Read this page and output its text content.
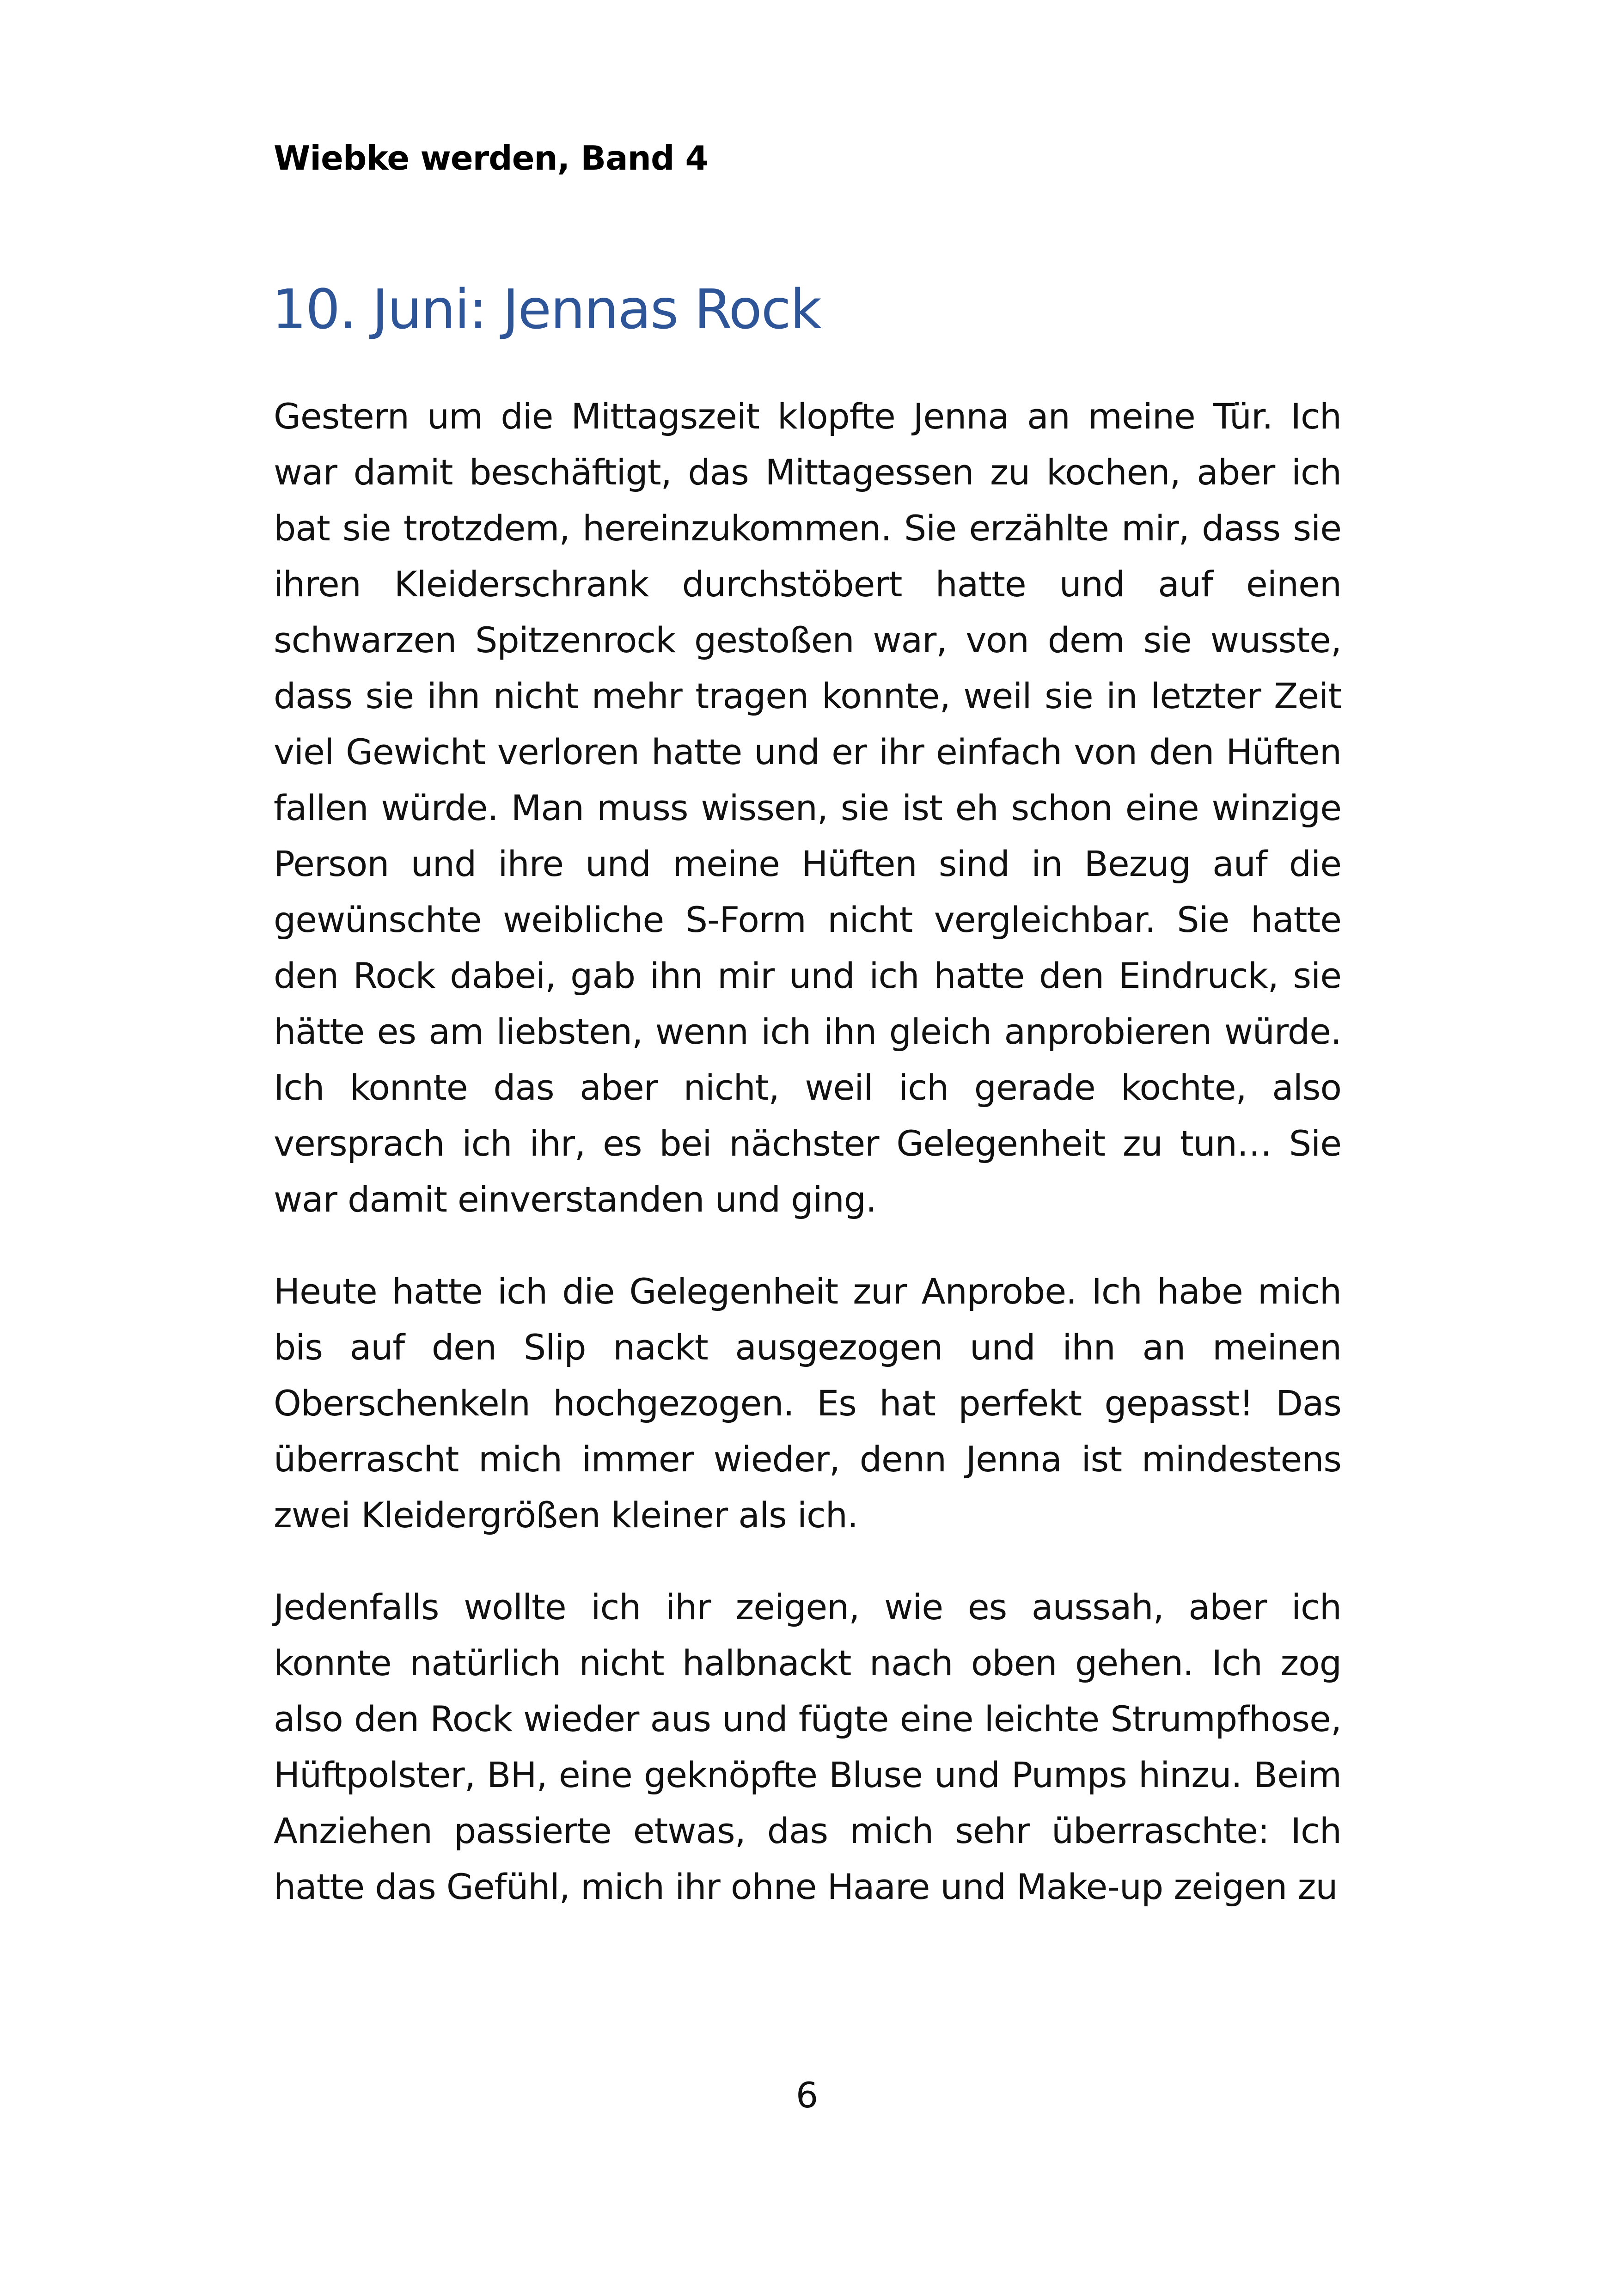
Wiebke werden, Band 4

10. Juni: Jennas Rock

Gestern um die Mittagszeit klopfte Jenna an meine Tür. Ich war damit beschäftigt, das Mittagessen zu kochen, aber ich bat sie trotzdem, hereinzukommen. Sie erzählte mir, dass sie ihren Kleiderschrank durchstöbert hatte und auf einen schwarzen Spitzenrock gestoßen war, von dem sie wusste, dass sie ihn nicht mehr tragen konnte, weil sie in letzter Zeit viel Gewicht verloren hatte und er ihr einfach von den Hüften fallen würde. Man muss wissen, sie ist eh schon eine winzige Person und ihre und meine Hüften sind in Bezug auf die gewünschte weibliche S-Form nicht vergleichbar. Sie hatte den Rock dabei, gab ihn mir und ich hatte den Eindruck, sie hätte es am liebsten, wenn ich ihn gleich anprobieren würde. Ich konnte das aber nicht, weil ich gerade kochte, also versprach ich ihr, es bei nächster Gelegenheit zu tun… Sie war damit einverstanden und ging.

Heute hatte ich die Gelegenheit zur Anprobe. Ich habe mich bis auf den Slip nackt ausgezogen und ihn an meinen Oberschenkeln hochgezogen. Es hat perfekt gepasst! Das überrascht mich immer wieder, denn Jenna ist mindestens zwei Kleidergrößen kleiner als ich.

Jedenfalls wollte ich ihr zeigen, wie es aussah, aber ich konnte natürlich nicht halbnackt nach oben gehen. Ich zog also den Rock wieder aus und fügte eine leichte Strumpfhose, Hüftpolster, BH, eine geknöpfte Bluse und Pumps hinzu. Beim Anziehen passierte etwas, das mich sehr überraschte: Ich hatte das Gefühl, mich ihr ohne Haare und Make-up zeigen zu

6
